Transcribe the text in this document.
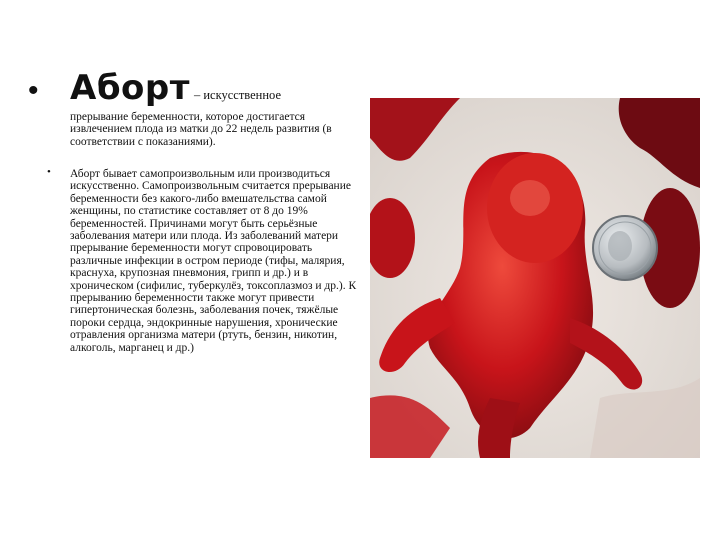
• Аборт – искусственное
прерывание беременности, которое достигается извлечением плода из матки до 22 недель развития (в соответствии с показаниями).
• Аборт бывает самопроизвольным или производиться искусственно. Самопроизвольным считается прерывание беременности без какого-либо вмешательства самой женщины, по статистике составляет от 8 до 19% беременностей. Причинами могут быть серьёзные заболевания матери или плода. Из заболеваний матери прерывание беременности могут спровоцировать различные инфекции в остром периоде (тифы, малярия, краснуха, крупозная пневмония, грипп и др.) и в хроническом (сифилис, туберкулёз, токсоплазмоз и др.). К прерыванию беременности также могут привести гипертоническая болезнь, заболевания почек, тяжёлые пороки сердца, эндокринные нарушения, хронические отравления организма матери (ртуть, бензин, никотин, алкоголь, марганец и др.)
